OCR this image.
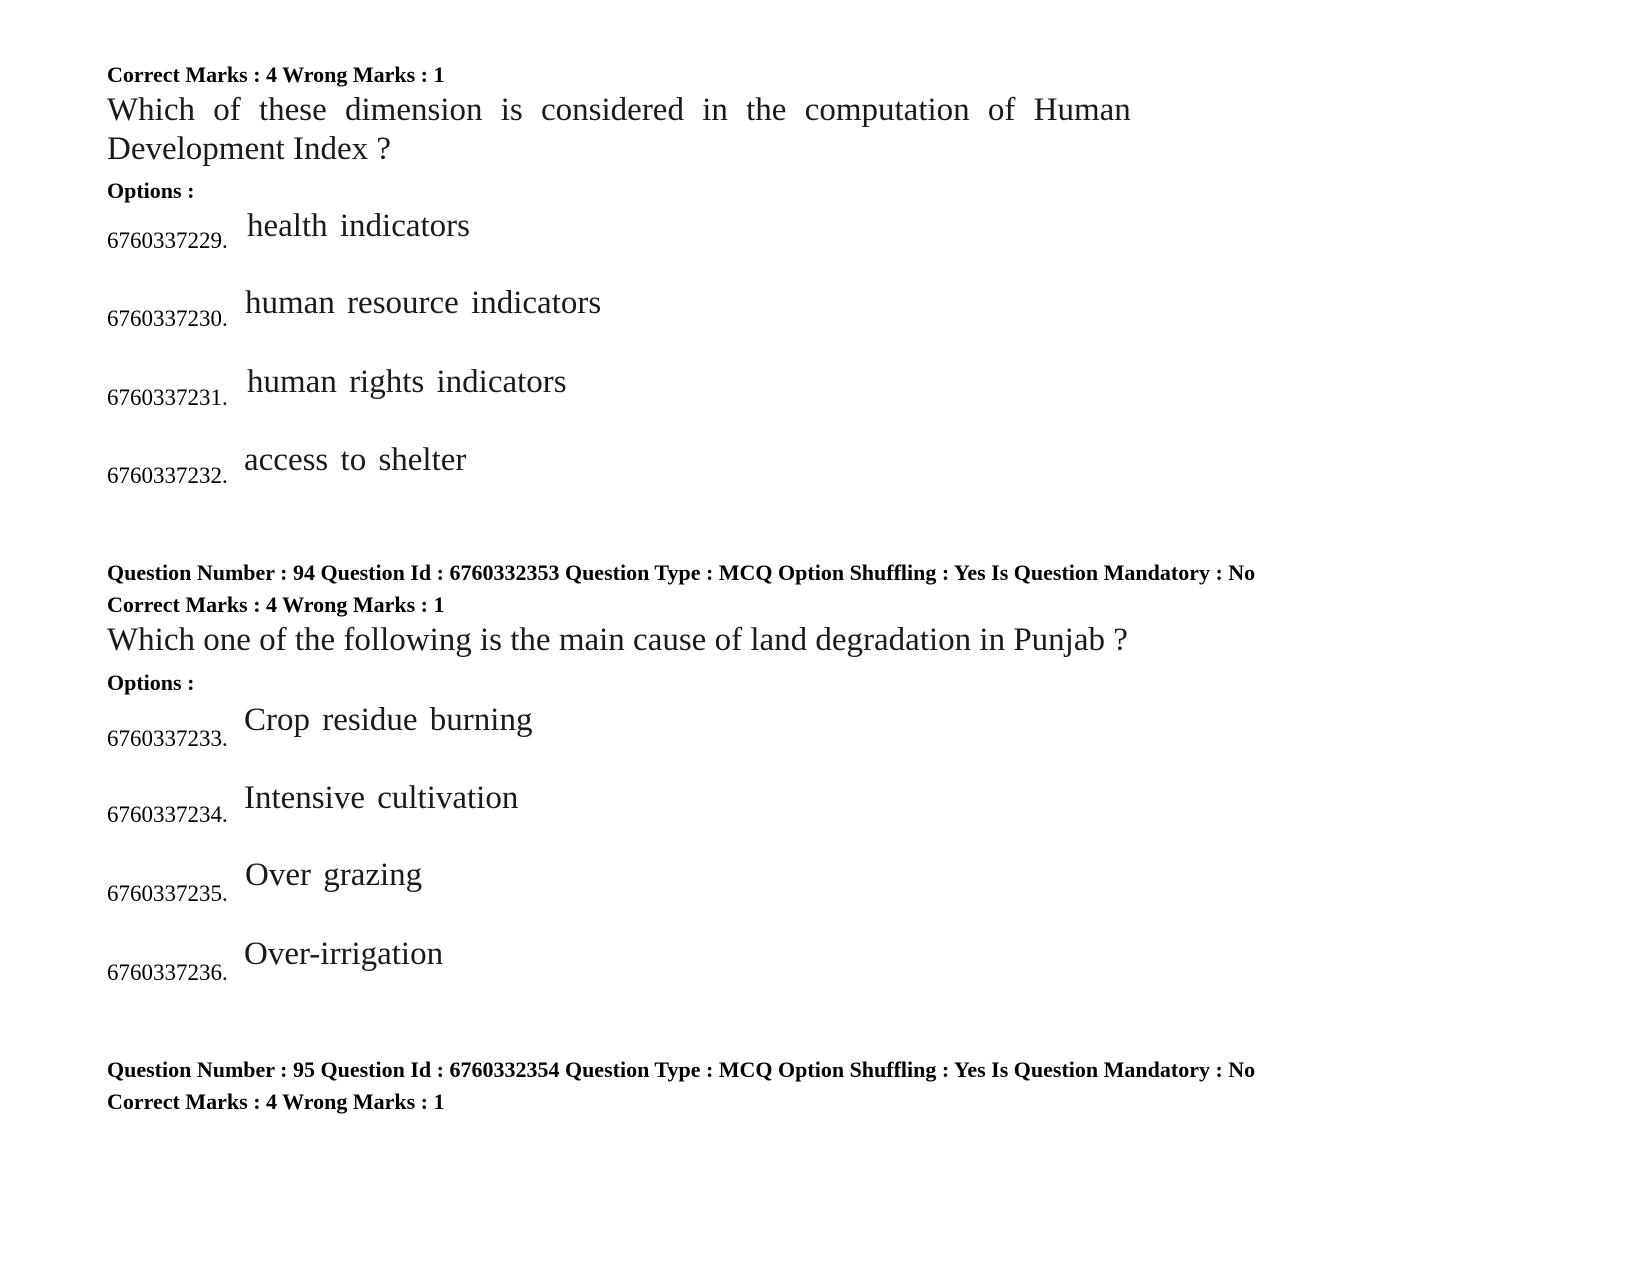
Correct Marks : 4 Wrong Marks : 1
Which of these dimension is considered in the computation of Human
Development Index ?
Options :
6760337229. health indicators
6760337230. human resource indicators
6760337231. human rights indicators
6760337232. access to shelter
Question Number : 94 Question Id : 6760332353 Question Type : MCQ Option Shuffling : Yes Is Question Mandatory : No
Correct Marks : 4 Wrong Marks : 1
Which one of the following is the main cause of land degradation in Punjab ?
Options :
6760337233.
Crop residue burning
6760337234. Intensive cultivation
6760337235.
Over grazing
6760337236.
Over-irrigation
Question Number : 95 Question Id : 6760332354 Question Type : MCQ Option Shuffling : Yes Is Question Mandatory : No
Correct Marks : 4 Wrong Marks : 1
